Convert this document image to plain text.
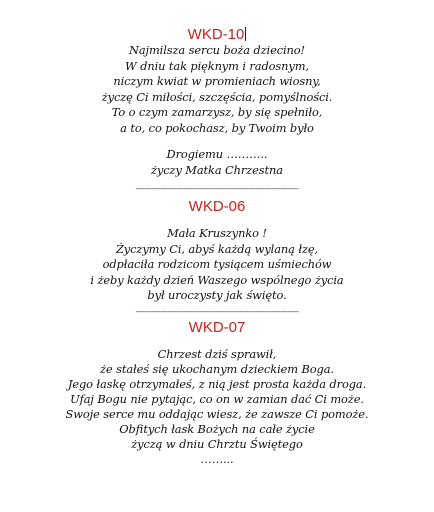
WKD-10
Najmilsza sercu boża dziecino!
W dniu tak pięknym i radosnym,
niczym kwiat w promieniach wiosny,
życzę Ci miłości, szczęścia, pomyślności.
To o czym zamarzysz, by się spełniło,
a to, co pokochasz, by Twoim było
Drogiemu ………..
życzy Matka Chrzestna
------------------------------------------------------------------------
WKD-06
Mała Kruszynko !
Życzymy Ci, abyś każdą wylaną łzę,
odpłaciła rodzicom tysiącem uśmiechów
i żeby każdy dzień Waszego wspólnego życia
był uroczysty jak święto.
------------------------------------------------------------------------
WKD-07
Chrzest dziś sprawił,
że stałeś się ukochanym dzieckiem Boga.
Jego łaskę otrzymałeś, z nią jest prosta każda droga.
Ufaj Bogu nie pytając, co on w zamian dać Ci może.
Swoje serce mu oddając wiesz, że zawsze Ci pomoże.
Obfitych łask Bożych na całe życie
życzą w dniu Chrztu Świętego
……...
